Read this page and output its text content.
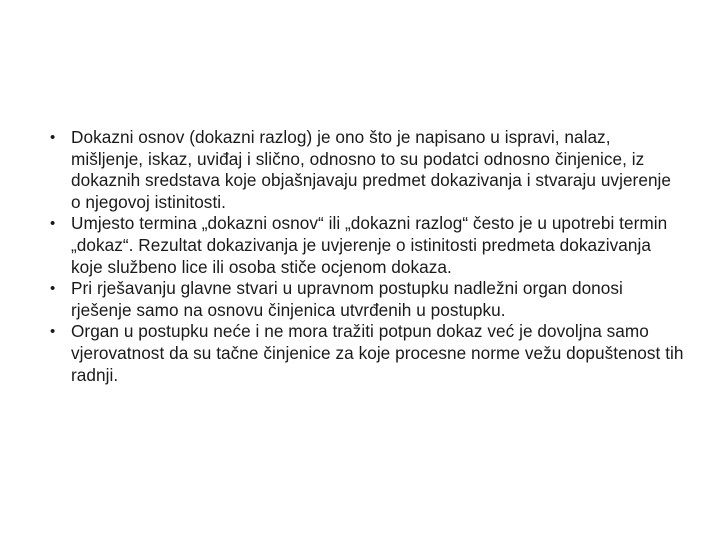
• Dokazni osnov (dokazni razlog) je ono što je napisano u ispravi, nalaz, mišljenje, iskaz, uviđaj i slično, odnosno to su podatci odnosno činjenice, iz dokaznih sredstava koje objašnjavaju predmet dokazivanja i stvaraju uvjerenje o njegovoj istinitosti.
• Umjesto termina „dokazni osnov“ ili „dokazni razlog“ često je u upotrebi termin „dokaz“. Rezultat dokazivanja je uvjerenje o istinitosti predmeta dokazivanja koje službeno lice ili osoba stiče ocjenom dokaza.
• Pri rješavanju glavne stvari u upravnom postupku nadležni organ donosi rješenje samo na osnovu činjenica utvrđenih u postupku.
• Organ u postupku neće i ne mora tražiti potpun dokaz već je dovoljna samo vjerovatnost da su tačne činjenice za koje procesne norme vežu dopuštenost tih radnji.
